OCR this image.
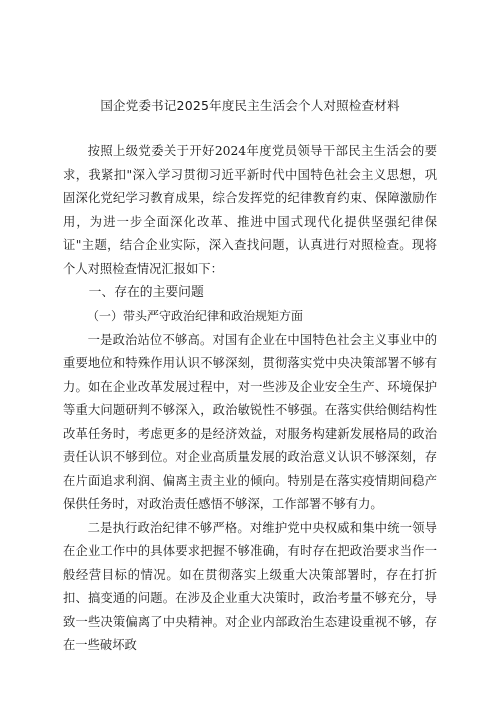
国企党委书记2025年度民主生活会个人对照检查材料

按照上级党委关于开好2024年度党员领导干部民主生活会的要求，我紧扣"深入学习贯彻习近平新时代中国特色社会主义思想，巩固深化党纪学习教育成果，综合发挥党的纪律教育约束、保障激励作用，为进一步全面深化改革、推进中国式现代化提供坚强纪律保证"主题，结合企业实际，深入查找问题，认真进行对照检查。现将个人对照检查情况汇报如下：

一、存在的主要问题
（一）带头严守政治纪律和政治规矩方面

一是政治站位不够高。对国有企业在中国特色社会主义事业中的重要地位和特殊作用认识不够深刻，贯彻落实党中央决策部署不够有力。如在企业改革发展过程中，对一些涉及企业安全生产、环境保护等重大问题研判不够深入，政治敏锐性不够强。在落实供给侧结构性改革任务时，考虑更多的是经济效益，对服务构建新发展格局的政治责任认识不够到位。对企业高质量发展的政治意义认识不够深刻，存在片面追求利润、偏离主责主业的倾向。特别是在落实疫情期间稳产保供任务时，对政治责任感悟不够深，工作部署不够有力。

二是执行政治纪律不够严格。对维护党中央权威和集中统一领导在企业工作中的具体要求把握不够准确，有时存在把政治要求当作一般经营目标的情况。如在贯彻落实上级重大决策部署时，存在打折扣、搞变通的问题。在涉及企业重大决策时，政治考量不够充分，导致一些决策偏离了中央精神。对企业内部政治生态建设重视不够，存在一些破坏政
